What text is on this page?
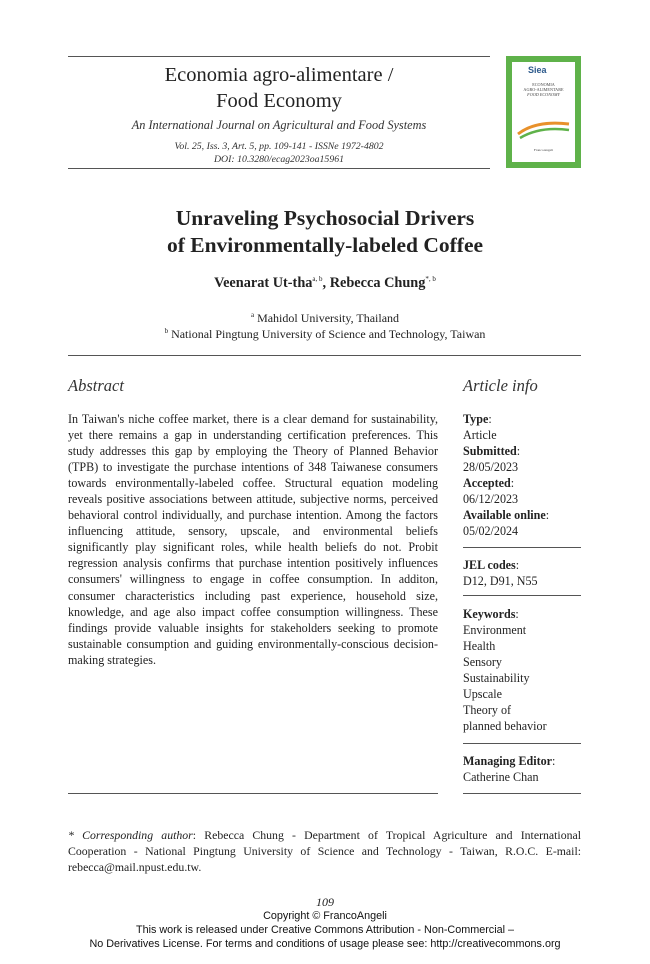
Economia agro-alimentare /
Food Economy
An International Journal on Agricultural and Food Systems
Vol. 25, Iss. 3, Art. 5, pp. 109-141 - ISSNe 1972-4802
DOI: 10.3280/ecag2023oa15961
Siea
ECONOMIA
AGRO-ALIMENTARE
FOOD ECONOMY
FrancoAngeli
Unraveling Psychosocial Drivers
of Environmentally-labeled Coffee
Veenarat Ut-tha$^{a, b}$, Rebecca Chung$^{*, b}$
$^a$ Mahidol University, Thailand
$^b$ National Pingtung University of Science and Technology, Taiwan
Abstract	Article info
In Taiwan's niche coffee market, there is a clear demand for sustainability, yet there remains a gap in understanding certification preferences. This study addresses this gap by employing the Theory of Planned Behavior (TPB) to investigate the purchase intentions of 348 Taiwanese consumers towards environmentally-labeled coffee. Structural equation modeling reveals positive associations between attitude, subjective norms, perceived behavioral control individually, and purchase intention. Among the factors influencing attitude, sensory, upscale, and environmental beliefs significantly play significant roles, while health beliefs do not. Probit regression analysis confirms that purchase intention positively influences consumers' willingness to engage in coffee consumption. In additon, consumer characteristics including past experience, household size, knowledge, and age also impact coffee consumption willingness. These findings provide valuable insights for stakeholders seeking to promote sustainable consumption and guiding environmentally-conscious decision-making strategies.
Type:
Article
Submitted:
28/05/2023
Accepted:
06/12/2023
Available online:
05/02/2024
JEL codes:
D12, D91, N55
Keywords:
Environment
Health
Sensory
Sustainability
Upscale
Theory of
planned behavior
Managing Editor:
Catherine Chan
* Corresponding author: Rebecca Chung - Department of Tropical Agriculture and International Cooperation - National Pingtung University of Science and Technology - Taiwan, R.O.C. E-mail: rebecca@mail.npust.edu.tw.
109
Copyright © FrancoAngeli
This work is released under Creative Commons Attribution - Non-Commercial –
No Derivatives License. For terms and conditions of usage please see: http://creativecommons.org
